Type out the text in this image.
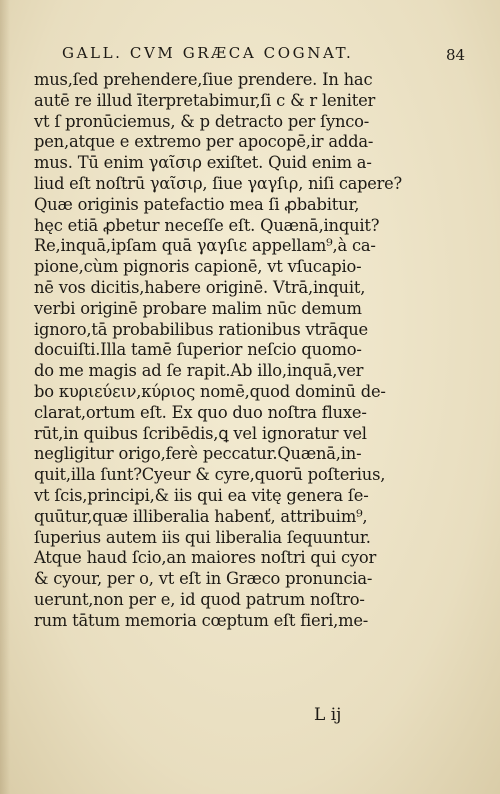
GALL. CVM GRÆCA COGNAT.	84
mus,ſed prehendere,ſiue prendere. In hac
autē re illud īterpretabimur,ſi c & r leniter
vt ſ pronūciemus, & p detracto per ſynco-
pen,atque e extremo per apocopē,ir adda-
mus. Tū enim γαῖσιρ exiſtet. Quid enim a-
liud eſt noſtrū γαῖσιρ, ſiue γαγſιρ, niſi capere?
Quæ originis patefactio mea ſi ꝓbabitur,
hęc etiā ꝓbetur neceſſe eſt. Quænā,inquit?
Re,inquā,ipſam quā γαγſιε appellam⁹,à ca-
pione,cùm pignoris capionē, vt vſucapio-
nē vos dicitis,habere originē. Vtrā,inquit,
verbi originē probare malim nūc demum
ignoro,tā probabilibus rationibus vtrāque
docuiſti.Illa tamē ſuperior neſcio quomo-
do me magis ad ſe rapit.Ab illo,inquā,ver
bo κυριεύειν,κύριος nomē,quod dominū de-
clarat,ortum eſt. Ex quo duo noſtra fluxe-
rūt,in quibus ſcribēdis,ꝗ vel ignoratur vel
negligitur origo,ferè peccatur.Quænā,in-
quit,illa ſunt?Cyeur & cyre,quorū poſterius,
vt ſcis,principi,& iis qui ea vitę genera ſe-
quūtur,quæ illiberalia habenť, attribuim⁹,
ſuperius autem iis qui liberalia ſequuntur.
Atque haud ſcio,an maiores noſtri qui cyor
& cyour, per o, vt eſt in Græco pronunciа-
uerunt,non per e, id quod patrum noſtro-
rum tātum memoria cœptum eſt fieri,me-
L ij
